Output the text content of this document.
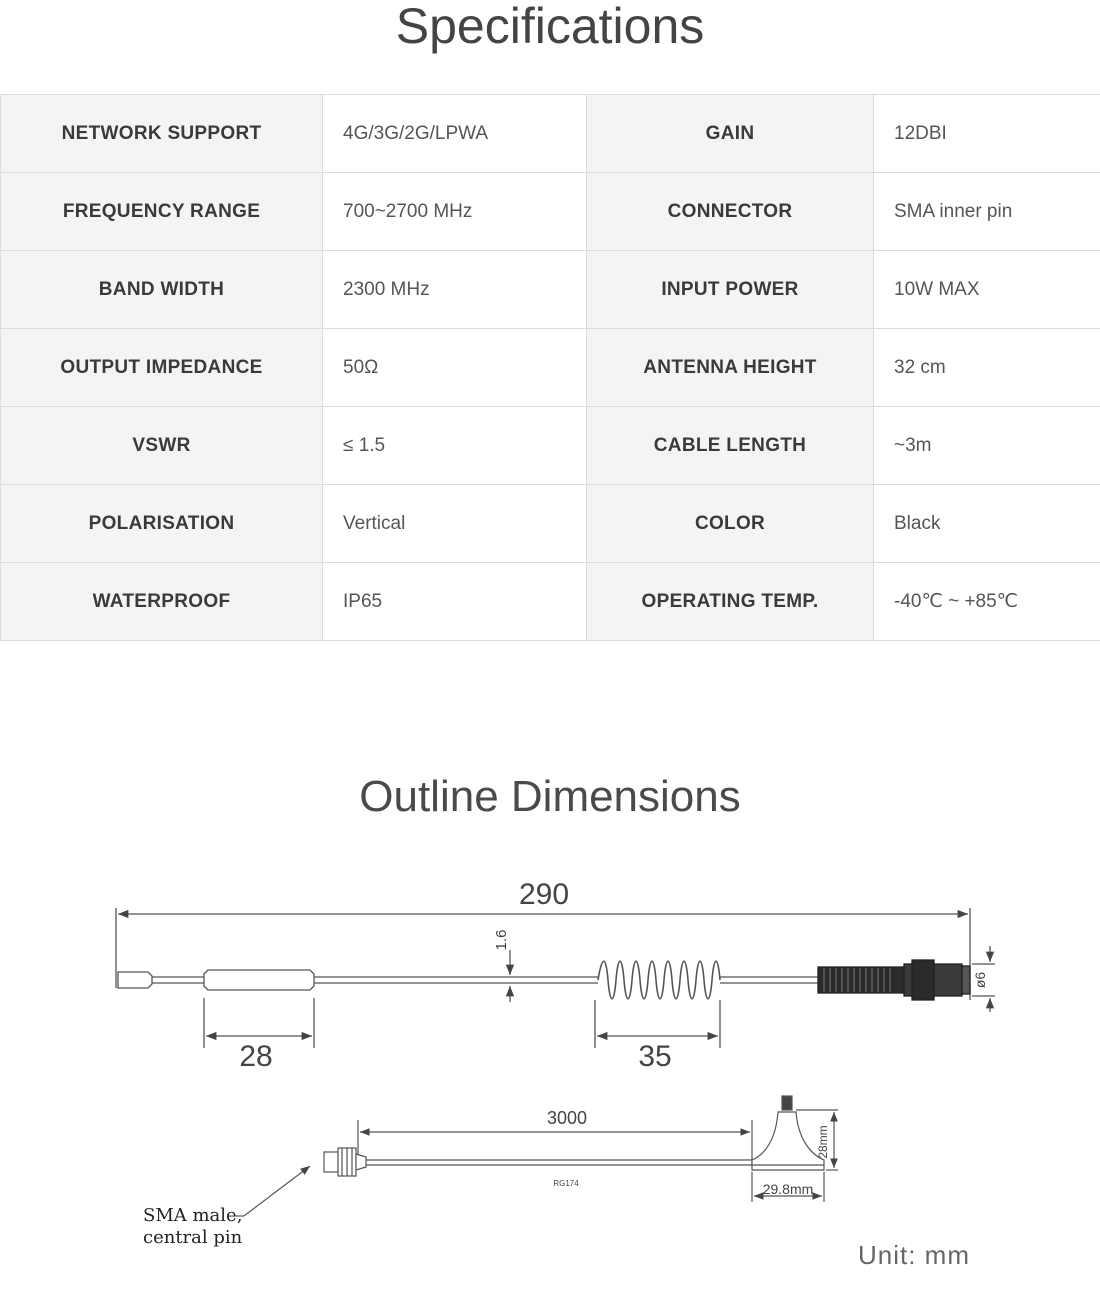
Specifications
NETWORK SUPPORT	4G/3G/2G/LPWA	GAIN	12DBI
FREQUENCY RANGE	700~2700 MHz	CONNECTOR	SMA inner pin
BAND WIDTH	2300 MHz	INPUT POWER	10W MAX
OUTPUT IMPEDANCE	50Ω	ANTENNA HEIGHT	32 cm
VSWR	≤ 1.5	CABLE LENGTH	~3m
POLARISATION	Vertical	COLOR	Black
WATERPROOF	IP65	OPERATING TEMP.	-40℃ ~ +85℃
Outline Dimensions
290
1.6
ø6
28	35
3000
RG174
28mm
29.8mm
SMA male,
central pin
Unit: mm
